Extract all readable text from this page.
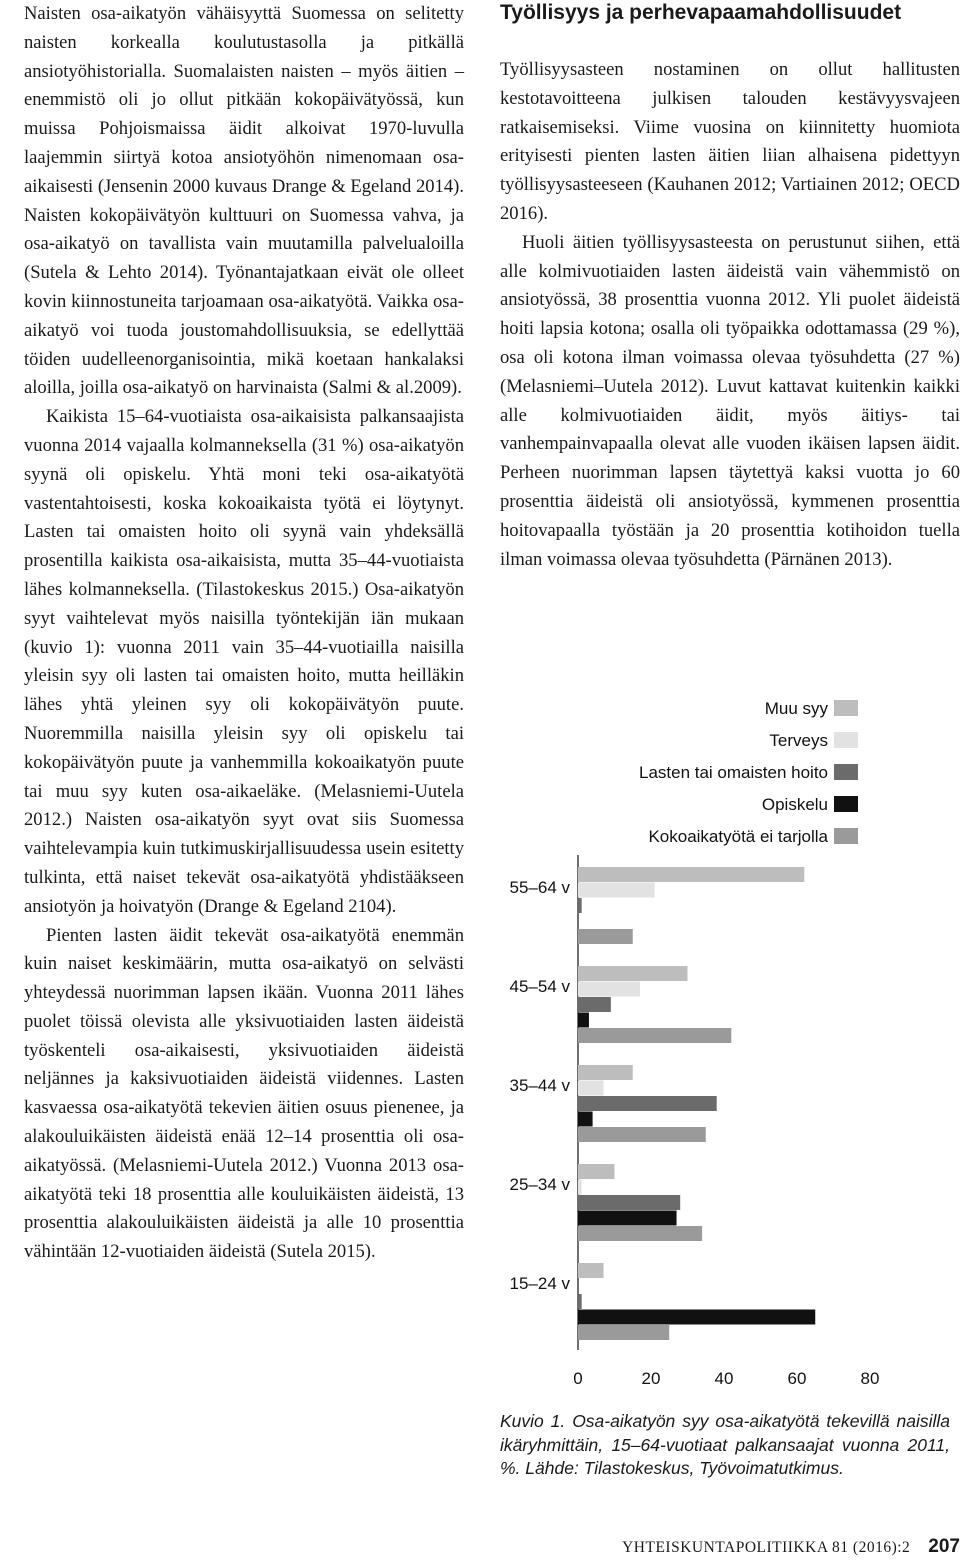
Naisten osa-aikatyön vähäisyyttä Suomessa on selitetty naisten korkealla koulutustasolla ja pitkällä ansiotyöhistorialla. Suomalaisten naisten – myös äitien – enemmistö oli jo ollut pitkään kokopäivätyössä, kun muissa Pohjoismaissa äidit alkoivat 1970-luvulla laajemmin siirtyä kotoa ansiotyöhön nimenomaan osa-aikaisesti (Jensenin 2000 kuvaus Drange & Egeland 2014). Naisten kokopäivätyön kulttuuri on Suomessa vahva, ja osa-aikatyö on tavallista vain muutamilla palvelualoilla (Sutela & Lehto 2014). Työnantajatkaan eivät ole olleet kovin kiinnostuneita tarjoamaan osa-aikatyötä. Vaikka osa-aikatyö voi tuoda joustomahdollisuuksia, se edellyttää töiden uudelleenorganisointia, mikä koetaan hankalaksi aloilla, joilla osa-aikatyö on harvinaista (Salmi & al.2009).

Kaikista 15–64-vuotiaista osa-aikaisista palkansaajista vuonna 2014 vajaalla kolmanneksella (31 %) osa-aikatyön syynä oli opiskelu. Yhtä moni teki osa-aikatyötä vastentahtoisesti, koska kokoaikaista työtä ei löytynyt. Lasten tai omaisten hoito oli syynä vain yhdeksällä prosentilla kaikista osa-aikaisista, mutta 35–44-vuotiaista lähes kolmanneksella. (Tilastokeskus 2015.) Osa-aikatyön syyt vaihtelevat myös naisilla työntekijän iän mukaan (kuvio 1): vuonna 2011 vain 35–44-vuotiailla naisilla yleisin syy oli lasten tai omaisten hoito, mutta heilläkin lähes yhtä yleinen syy oli kokopäivätyön puute. Nuoremmilla naisilla yleisin syy oli opiskelu tai kokopäivätyön puute ja vanhemmilla kokoaikatyön puute tai muu syy kuten osa-aikaeläke. (Melasniemi-Uutela 2012.) Naisten osa-aikatyön syyt ovat siis Suomessa vaihtelevampia kuin tutkimuskirjallisuudessa usein esitetty tulkinta, että naiset tekevät osa-aikatyötä yhdistääkseen ansiotyön ja hoivatyön (Drange & Egeland 2104).

Pienten lasten äidit tekevät osa-aikatyötä enemmän kuin naiset keskimäärin, mutta osa-aikatyö on selvästi yhteydessä nuorimman lapsen ikään. Vuonna 2011 lähes puolet töissä olevista alle yksivuotiaiden lasten äideistä työskenteli osa-aikaisesti, yksivuotiaiden äideistä neljännes ja kaksivuotiaiden äideistä viidennes. Lasten kasvaessa osa-aikatyötä tekevien äitien osuus pienenee, ja alakouluikäisten äideistä enää 12–14 prosenttia oli osa-aikatyössä. (Melasniemi-Uutela 2012.) Vuonna 2013 osa-aikatyötä teki 18 prosenttia alle kouluikäisten äideistä, 13 prosenttia alakouluikäisten äideistä ja alle 10 prosenttia vähintään 12-vuotiaiden äideistä (Sutela 2015).

Työllisyys ja perhevapaamahdollisuudet

Työllisyysasteen nostaminen on ollut hallitusten kestotavoitteena julkisen talouden kestävyysvajeen ratkaisemiseksi. Viime vuosina on kiinnitetty huomiota erityisesti pienten lasten äitien liian alhaisena pidettyyn työllisyysasteeseen (Kauhanen 2012; Vartiainen 2012; OECD 2016).

Huoli äitien työllisyysasteesta on perustunut siihen, että alle kolmivuotiaiden lasten äideistä vain vähemmistö on ansiotyössä, 38 prosenttia vuonna 2012. Yli puolet äideistä hoiti lapsia kotona; osalla oli työpaikka odottamassa (29 %), osa oli kotona ilman voimassa olevaa työsuhdetta (27 %) (Melasniemi–Uutela 2012). Luvut kattavat kuitenkin kaikki alle kolmivuotiaiden äidit, myös äitiys- tai vanhempainvapaalla olevat alle vuoden ikäisen lapsen äidit. Perheen nuorimman lapsen täytettyä kaksi vuotta jo 60 prosenttia äideistä oli ansiotyössä, kymmenen prosenttia hoitovapaalla työstään ja 20 prosenttia kotihoidon tuella ilman voimassa olevaa työsuhdetta (Pärnänen 2013).

Muu syy
Terveys
Lasten tai omaisten hoito
Opiskelu
Kokoaikatyötä ei tarjolla
55–64 v
45–54 v
35–44 v
25–34 v
15–24 v
0	20	40	60	80

Kuvio 1. Osa-aikatyön syy osa-aikatyötä tekevillä naisilla ikäryhmittäin, 15–64-vuotiaat palkansaajat vuonna 2011, %. Lähde: Tilastokeskus, Työvoimatutkimus.

YHTEISKUNTAPOLITIIKKA 81 (2016):2 207
